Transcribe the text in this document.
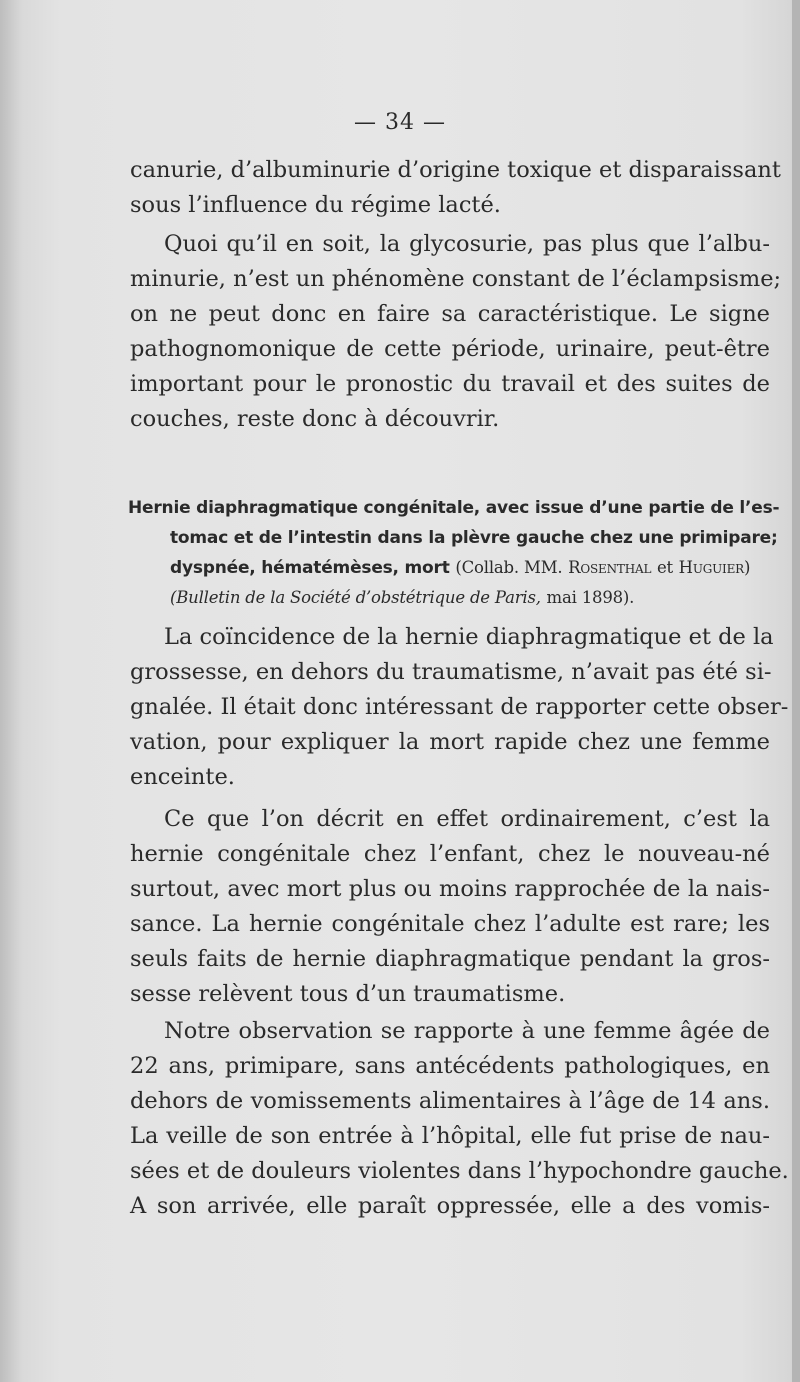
— 34 —
canurie, d’albuminurie d’origine toxique et disparaissant
sous l’influence du régime lacté.
Quoi qu’il en soit, la glycosurie, pas plus que l’albu-
minurie, n’est un phénomène constant de l’éclampsisme;
on ne peut donc en faire sa caractéristique. Le signe
pathognomonique de cette période, urinaire, peut-être
important pour le pronostic du travail et des suites de
couches, reste donc à découvrir.
Hernie diaphragmatique congénitale, avec issue d’une partie de l’es-
tomac et de l’intestin dans la plèvre gauche chez une primipare;
dyspnée, hématémèses, mort (Collab. MM. Rosenthal et Huguier)
(Bulletin de la Société d’obstétrique de Paris, mai 1898).
La coïncidence de la hernie diaphragmatique et de la
grossesse, en dehors du traumatisme, n’avait pas été si-
gnalée. Il était donc intéressant de rapporter cette obser-
vation, pour expliquer la mort rapide chez une femme
enceinte.
Ce que l’on décrit en effet ordinairement, c’est la
hernie congénitale chez l’enfant, chez le nouveau-né
surtout, avec mort plus ou moins rapprochée de la nais-
sance. La hernie congénitale chez l’adulte est rare; les
seuls faits de hernie diaphragmatique pendant la gros-
sesse relèvent tous d’un traumatisme.
Notre observation se rapporte à une femme âgée de
22 ans, primipare, sans antécédents pathologiques, en
dehors de vomissements alimentaires à l’âge de 14 ans.
La veille de son entrée à l’hôpital, elle fut prise de nau-
sées et de douleurs violentes dans l’hypochondre gauche.
A son arrivée, elle paraît oppressée, elle a des vomis-
